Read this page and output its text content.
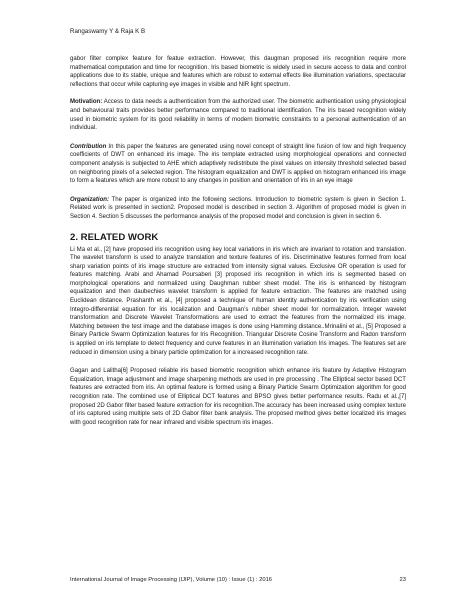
Rangaswamy Y & Raja K B

gabor filter complex feature for featue extraction. However, this daugman proposed iris recognition require more mathematical computation and time for recognition. Iris based biometric is widely used in secure access to data and control applications due to its stable, unique and features which are robust to external effects like illumination variations, spectacular reflections that occur while capturing eye images in visible and NIR light spectrum.

Motivation: Access to data needs a authentication from the authorized user. The biometric authentication using physiological and behavioural traits provides better performance compared to traditional identification. The iris based recognition widely used in biometric system for its good reliability in terms of modern biometric constraints to a personal authentication of an individual.

Contribution In this paper the features are generated using novel concept of straight line fusion of low and high frequency coefficients of DWT on enhanced iris image. The iris template extracted using morphological operations and connected component analysis is subjected to AHE which adaptively redistribute the pixel values on intensity threshold selected based on neighboring pixels of a selected region. The histogram equalization and DWT is applied on histogram enhanced iris image to form a features which are more robust to any changes in position and orientation of iris in an eye image

Organization: The paper is organized into the following sections. Introduction to biometric system is given in Section 1. Related work is presented in section2. Proposed model is described in section 3. Algorithm of proposed model is given in Section 4. Section 5 discusses the performance analysis of the proposed model and conclusion is given in section 6.

2. RELATED WORK

Li Ma et al., [2] have proposed iris recognition using key local variations in iris which are invariant to rotation and translation. The wavelet transform is used to analyze translation and texture features of iris. Discriminative features formed from local sharp variation points of iris image structure are extracted from intensity signal values. Exclusive OR operation is used for features matching. Arabi and Ahamad Poursaberi [3] proposed iris recognition in which iris is segmented based on morphological operations and normalized using Daughman rubber sheet model. The iris is enhanced by histogram equalization and then daubechies wavelet transform is applied for feature extraction. The features are matched using Euclidean distance. Prashanth et al., [4] proposed a technique of human identity authentication by iris verification using Integro-differential equation for iris localization and Daugman’s rubber sheet model for normalization. Integer wavelet transformation and Discrete Wavelet Transformations are used to extract the features from the normalized iris image. Matching between the test image and the database images is done using Hamming distance..Mrinalini et al., [5] Proposed a Binary Particle Swarm Optimization features for Iris Recognition. Triangular Discrete Cosine Transform and Radon transform is applied on iris template to detect frequency and curve features in an illumination variation Iris images. The features set are reduced in dimension using a binary particle optimization for a increased recognition rate.

Gagan and Lalitha[6] Proposed reliable iris based biometric recognition which enhance iris feature by Adaptive Histogram Equalization, Image adjustment and image sharpening methods are used in pre processing . The Elliptical sector based DCT features are extracted from iris. An optimal feature is formed using a Binary Particle Swarm Optimization algorithm for good recognition rate. The combined use of Elliptical DCT features and BPSO gives better performance results. Radu et al.,[7] proposed 2D Gabor filter based feature extraction for iris recognition.The accuracy has been increased using complex texture of iris captured using multiple sets of 2D Gabor filter bank analysis. The proposed method gives better localized iris images with good recognition rate for near infrared and visible spectrum iris images.

International Journal of Image Processing (IJIP), Volume (10) : Issue (1) : 2016	23
